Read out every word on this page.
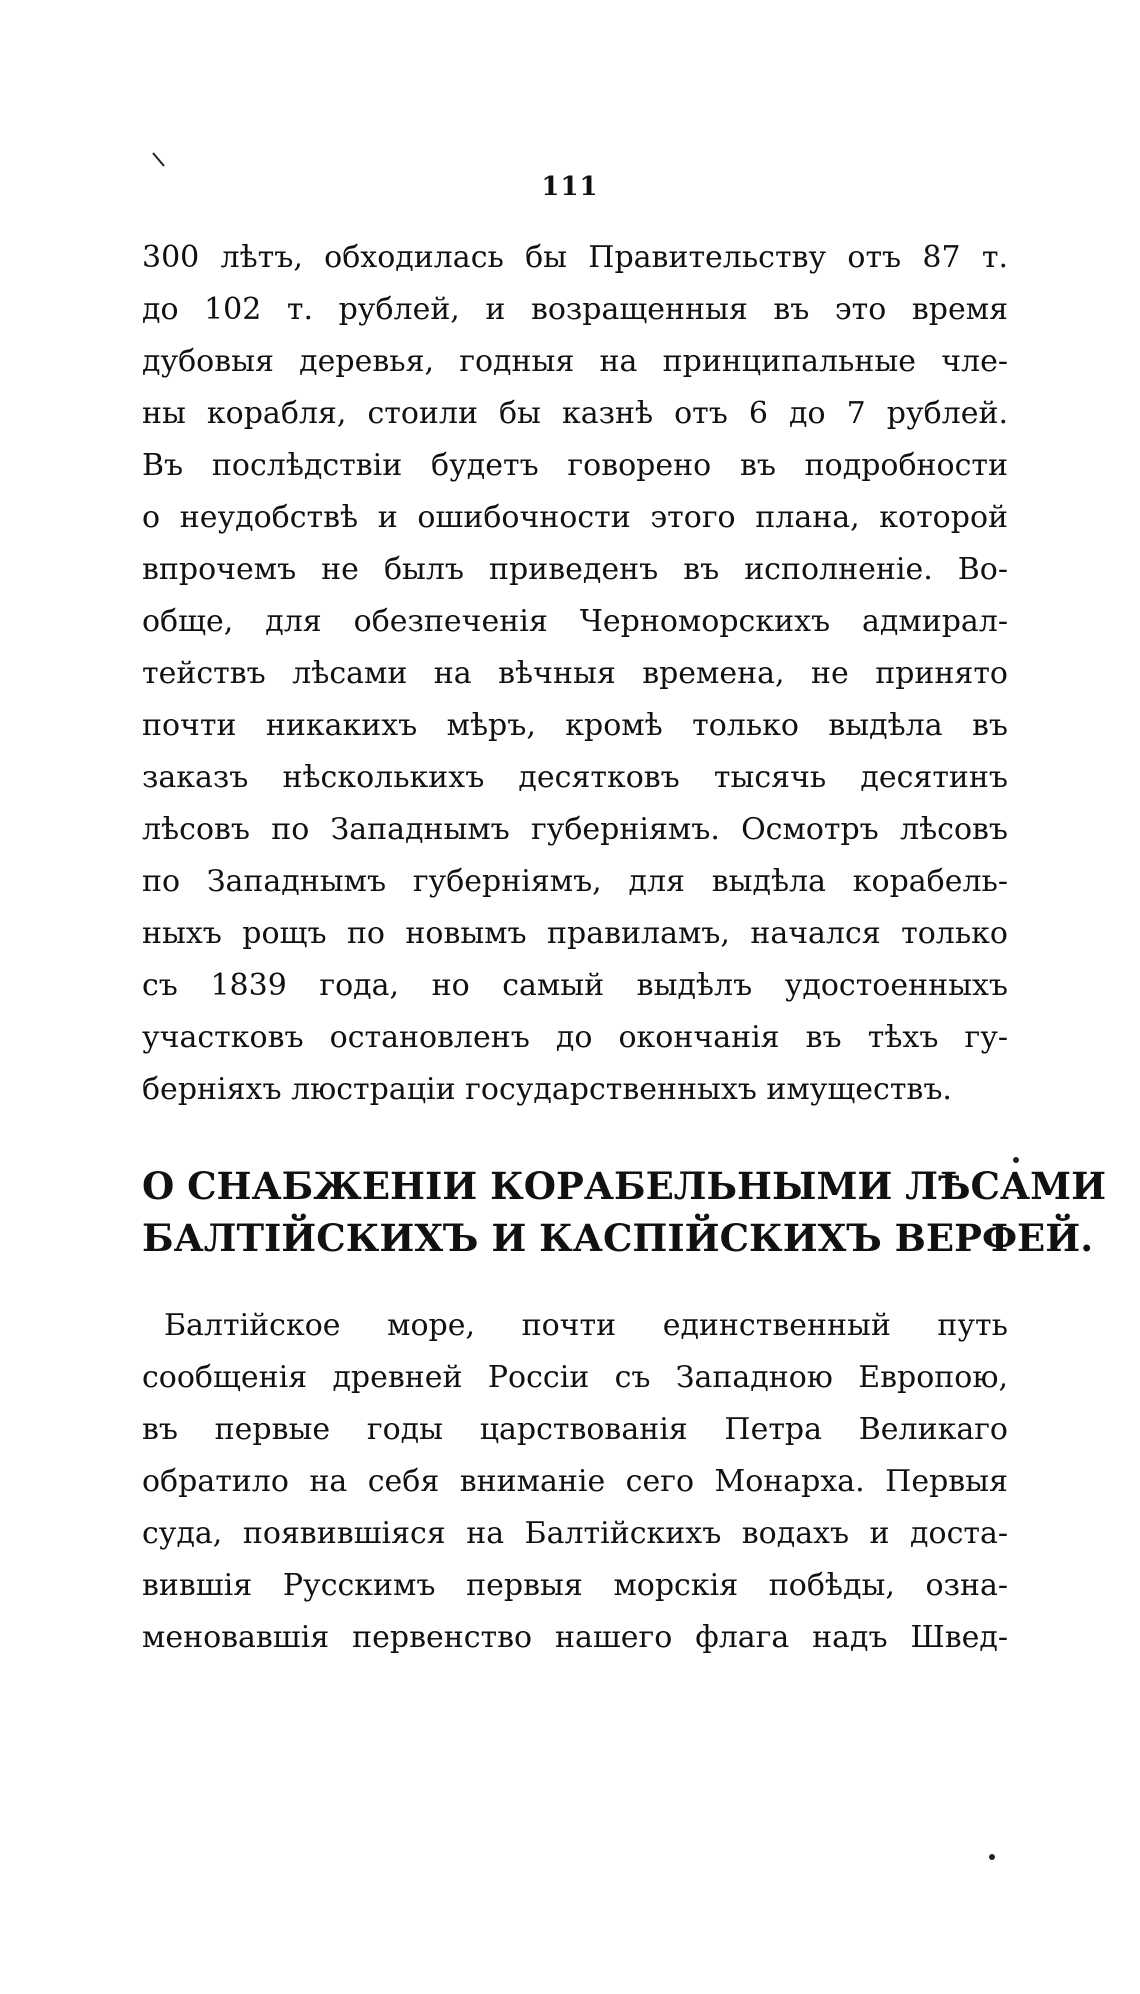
111
300 лѣтъ, обходилась бы Правительству отъ 87 т.
до 102 т. рублей, и возращенныя въ это время
дубовыя деревья, годныя на принципальные чле-
ны корабля, стоили бы казнѣ отъ 6 до 7 рублей.
Въ послѣдствіи будетъ говорено въ подробности
о неудобствѣ и ошибочности этого плана, которой
впрочемъ не былъ приведенъ въ исполненіе. Во-
обще, для обезпеченія Черноморскихъ адмирал-
тействъ лѣсами на вѣчныя времена, не принято
почти никакихъ мѣръ, кромѣ только выдѣла въ
заказъ нѣсколькихъ десятковъ тысячь десятинъ
лѣсовъ по Западнымъ губерніямъ. Осмотръ лѣсовъ
по Западнымъ губерніямъ, для выдѣла корабель-
ныхъ рощъ по новымъ правиламъ, начался только
съ 1839 года, но самый выдѣлъ удостоенныхъ
участковъ остановленъ до окончанія въ тѣхъ гу-
берніяхъ люстраціи государственныхъ имуществъ.
О СНАБЖЕНІИ КОРАБЕЛЬНЫМИ ЛѢСАМИ
БАЛТІЙСКИХЪ И КАСПІЙСКИХЪ ВЕРФЕЙ.
Балтійское море, почти единственный путь
сообщенія древней Россіи съ Западною Европою,
въ первые годы царствованія Петра Великаго
обратило на себя вниманіе сего Монарха. Первыя
суда, появившіяся на Балтійскихъ водахъ и доста-
вившія Русскимъ первыя морскія побѣды, озна-
меновавшія первенство нашего флага надъ Швед-
